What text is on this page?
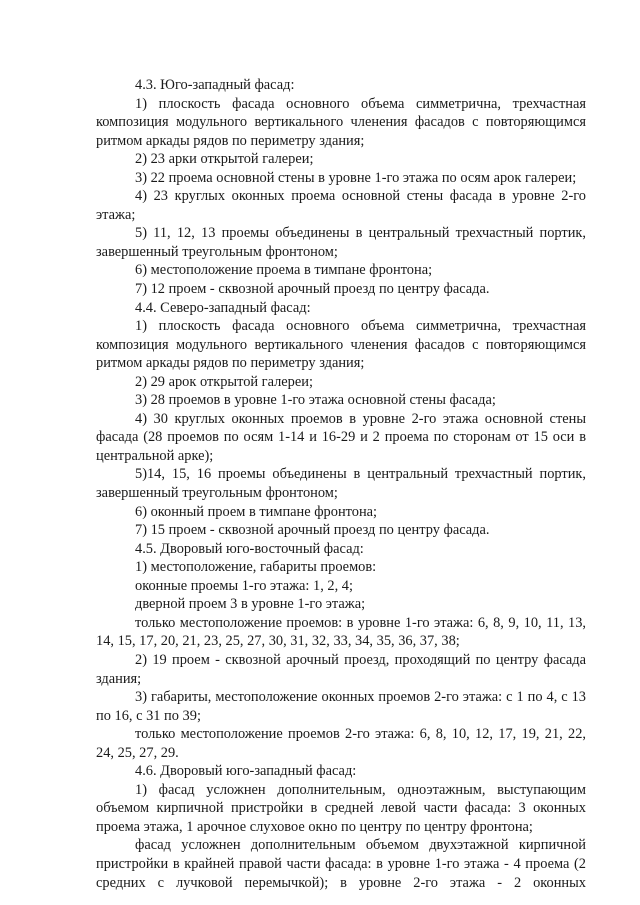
4.3. Юго-западный фасад:

1) плоскость фасада основного объема симметрична, трехчастная композиция модульного вертикального членения фасадов с повторяющимся ритмом аркады рядов по периметру здания;

2) 23 арки открытой галереи;

3) 22 проема основной стены в уровне 1-го этажа по осям арок галереи;

4) 23 круглых оконных проема основной стены фасада в уровне 2-го этажа;

5) 11, 12, 13 проемы объединены в центральный трехчастный портик, завершенный треугольным фронтоном;

6) местоположение проема в тимпане фронтона;

7) 12 проем - сквозной арочный проезд по центру фасада.

4.4. Северо-западный фасад:

1) плоскость фасада основного объема симметрична, трехчастная композиция модульного вертикального членения фасадов с повторяющимся ритмом аркады рядов по периметру здания;

2) 29 арок открытой галереи;

3) 28 проемов в уровне 1-го этажа основной стены фасада;

4) 30 круглых оконных проемов в уровне 2-го этажа основной стены фасада (28 проемов по осям 1-14 и 16-29 и 2 проема по сторонам от 15 оси в центральной арке);

5)14, 15, 16 проемы объединены в центральный трехчастный портик, завершенный треугольным фронтоном;

6) оконный проем в тимпане фронтона;

7) 15 проем - сквозной арочный проезд по центру фасада.

4.5. Дворовый юго-восточный фасад:

1) местоположение, габариты проемов:

оконные проемы 1-го этажа: 1, 2, 4;

дверной проем 3 в уровне 1-го этажа;

только местоположение проемов: в уровне 1-го этажа: 6, 8, 9, 10, 11, 13, 14, 15, 17, 20, 21, 23, 25, 27, 30, 31, 32, 33, 34, 35, 36, 37, 38;

2) 19 проем - сквозной арочный проезд, проходящий по центру фасада здания;

3) габариты, местоположение оконных проемов 2-го этажа: с 1 по 4, с 13 по 16, с 31 по 39;

только местоположение проемов 2-го этажа: 6, 8, 10, 12, 17, 19, 21, 22, 24, 25, 27, 29.

4.6. Дворовый юго-западный фасад:

1) фасад усложнен дополнительным, одноэтажным, выступающим объемом кирпичной пристройки в средней левой части фасада: 3 оконных проема этажа, 1 арочное слуховое окно по центру по центру фронтона;

фасад усложнен дополнительным объемом двухэтажной кирпичной пристройки в крайней правой части фасада: в уровне 1-го этажа - 4 проема (2 средних с лучковой перемычкой); в уровне 2-го этажа - 2 оконных
